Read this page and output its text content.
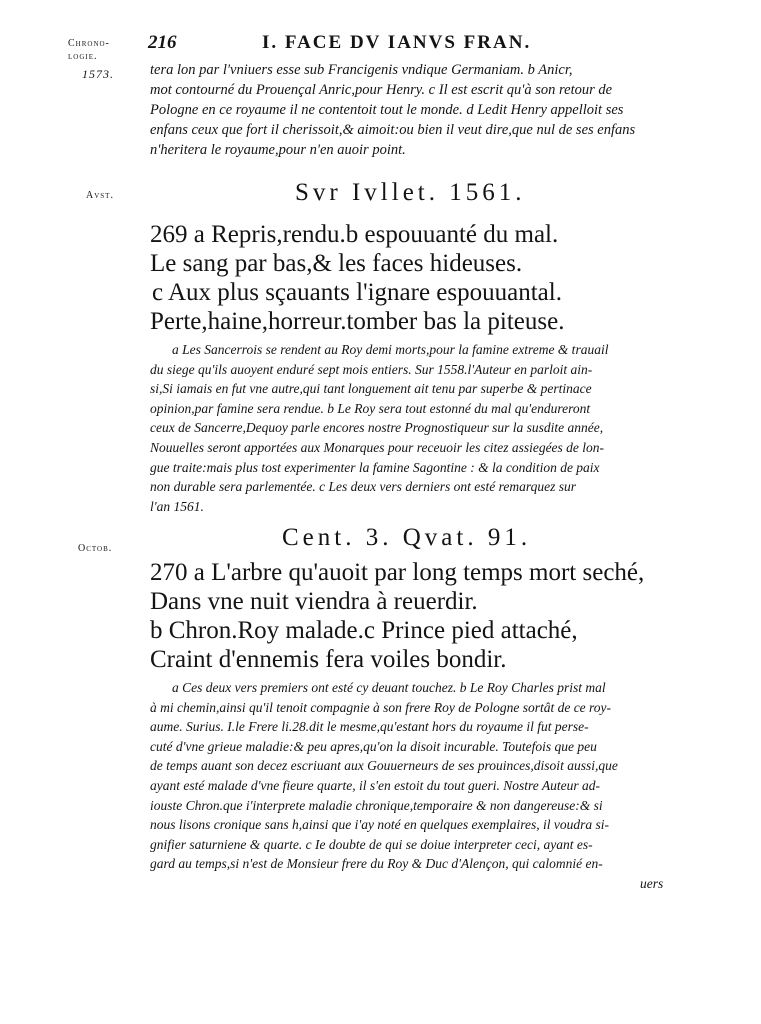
Chrono-logie.
216	I. FACE DV IANVS FRAN.
1573. tera lon par l'vniuers esse sub Francigenis vndique Germaniam. b Anicr,
mot contourné du Prouençal Anric,pour Henry. c Il est escrit qu'à son retour de
Pologne en ce royaume il ne contentoit tout le monde. d Ledit Henry appelloit ses
enfans ceux que fort il cherissoit,& aimoit:ou bien il veut dire,que nul de ses enfans
n'heritera le royaume,pour n'en auoir point.
Avst.	Svr Ivllet. 1561.
269 a Repris,rendu.b espouuanté du mal.
Le sang par bas,& les faces hideuses.
c Aux plus sçauants l'ignare espouuantal.
Perte,haine,horreur.tomber bas la piteuse.
a Les Sancerrois se rendent au Roy demi morts,pour la famine extreme & trauail
du siege qu'ils auoyent enduré sept mois entiers. Sur 1558.l'Auteur en parloit ain-
si,Si iamais en fut vne autre,qui tant longuement ait tenu par superbe & pertinace
opinion,par famine sera rendue. b Le Roy sera tout estonné du mal qu'endureront
ceux de Sancerre,Dequoy parle encores nostre Prognostiqueur sur la susdite année,
Nouuelles seront apportées aux Monarques pour receuoir les citez assiegées de lon-
gue traite:mais plus tost experimenter la famine Sagontine : & la condition de paix
non durable sera parlementée. c Les deux vers derniers ont esté remarquez sur
l'an 1561.
Octob.	Cent. 3. Qvat. 91.
270 a L'arbre qu'auoit par long temps mort seché,
Dans vne nuit viendra à reuerdir.
b Chron.Roy malade.c Prince pied attaché,
Craint d'ennemis fera voiles bondir.
a Ces deux vers premiers ont esté cy deuant touchez. b Le Roy Charles prist mal
à mi chemin,ainsi qu'il tenoit compagnie à son frere Roy de Pologne sortât de ce roy-
aume. Surius. I.le Frere li.28.dit le mesme,qu'estant hors du royaume il fut perse-
cuté d'vne grieue maladie:& peu apres,qu'on la disoit incurable. Toutefois que peu
de temps auant son decez escriuant aux Gouuerneurs de ses prouinces,disoit aussi,que
ayant esté malade d'vne fieure quarte, il s'en estoit du tout gueri. Nostre Auteur ad-
iouste Chron.que i'interprete maladie chronique,temporaire & non dangereuse:& si
nous lisons cronique sans h,ainsi que i'ay noté en quelques exemplaires, il voudra si-
gnifier saturniene & quarte. c Ie doubte de qui se doiue interpreter ceci, ayant es-
gard au temps,si n'est de Monsieur frere du Roy & Duc d'Alençon, qui calomnié en-
uers
